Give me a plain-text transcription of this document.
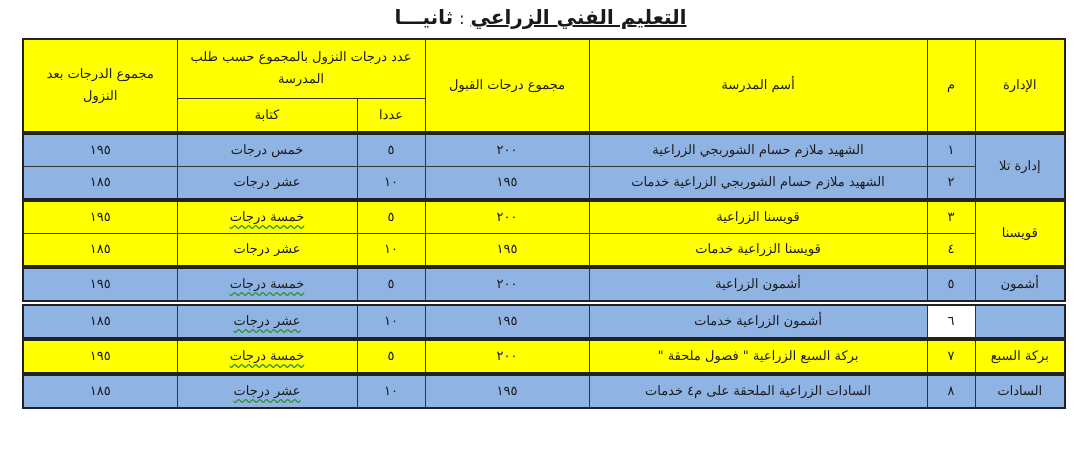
التعليم الفني الزراعي:ثانيـــا
الإدارة	م	أسم المدرسة	مجموع درجات القبول	عدد درجات النزول بالمجموع حسب طلب المدرسة		مجموع الدرجات بعد النزول
				عددا	كتابة	
إدارة تلا	١	الشهيد ملازم حسام الشوربجي الزراعية	٢٠٠	٥	خمس درجات	١٩٥
	٢	الشهيد ملازم حسام الشوربجي الزراعية خدمات	١٩٥	١٠	عشر درجات	١٨٥
قويسنا	٣	قويسنا الزراعية	٢٠٠	٥	خمسة درجات	١٩٥
	٤	قويسنا الزراعية خدمات	١٩٥	١٠	عشر درجات	١٨٥
أشمون	٥	أشمون الزراعية	٢٠٠	٥	خمسة درجات	١٩٥
	٦	أشمون الزراعية خدمات	١٩٥	١٠	عشر درجات	١٨٥
بركة السبع	٧	بركة السبع الزراعية " فصول ملحقة "	٢٠٠	٥	خمسة درجات	١٩٥
السادات	٨	السادات الزراعية الملحقة على م٤ خدمات	١٩٥	١٠	عشر درجات	١٨٥
